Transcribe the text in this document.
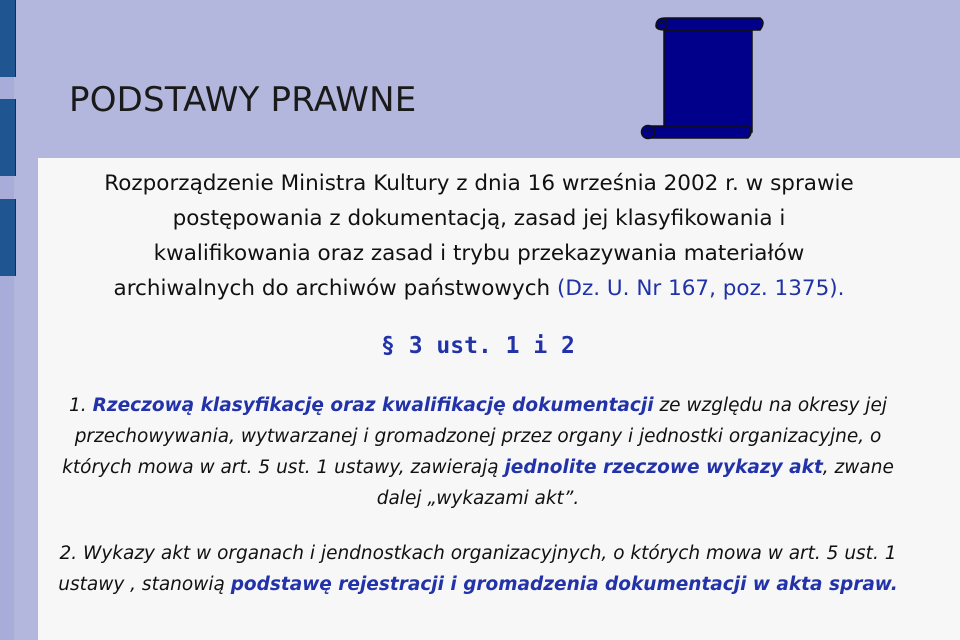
PODSTAWY PRAWNE
Rozporządzenie Ministra Kultury z dnia 16 września 2002 r. w sprawie
postępowania z dokumentacją, zasad jej klasyfikowania i
kwalifikowania oraz zasad i trybu przekazywania materiałów
archiwalnych do archiwów państwowych (Dz. U. Nr 167, poz. 1375).
§ 3 ust. 1 i 2
1. Rzeczową klasyfikację oraz kwalifikację dokumentacji ze względu na okresy jej przechowywania, wytwarzanej i gromadzonej przez organy i jednostki organizacyjne, o których mowa w art. 5 ust. 1 ustawy, zawierają jednolite rzeczowe wykazy akt, zwane dalej „wykazami akt”.
2. Wykazy akt w organach i jendnostkach organizacyjnych, o których mowa w art. 5 ust. 1 ustawy , stanowią podstawę rejestracji i gromadzenia dokumentacji w akta spraw.
